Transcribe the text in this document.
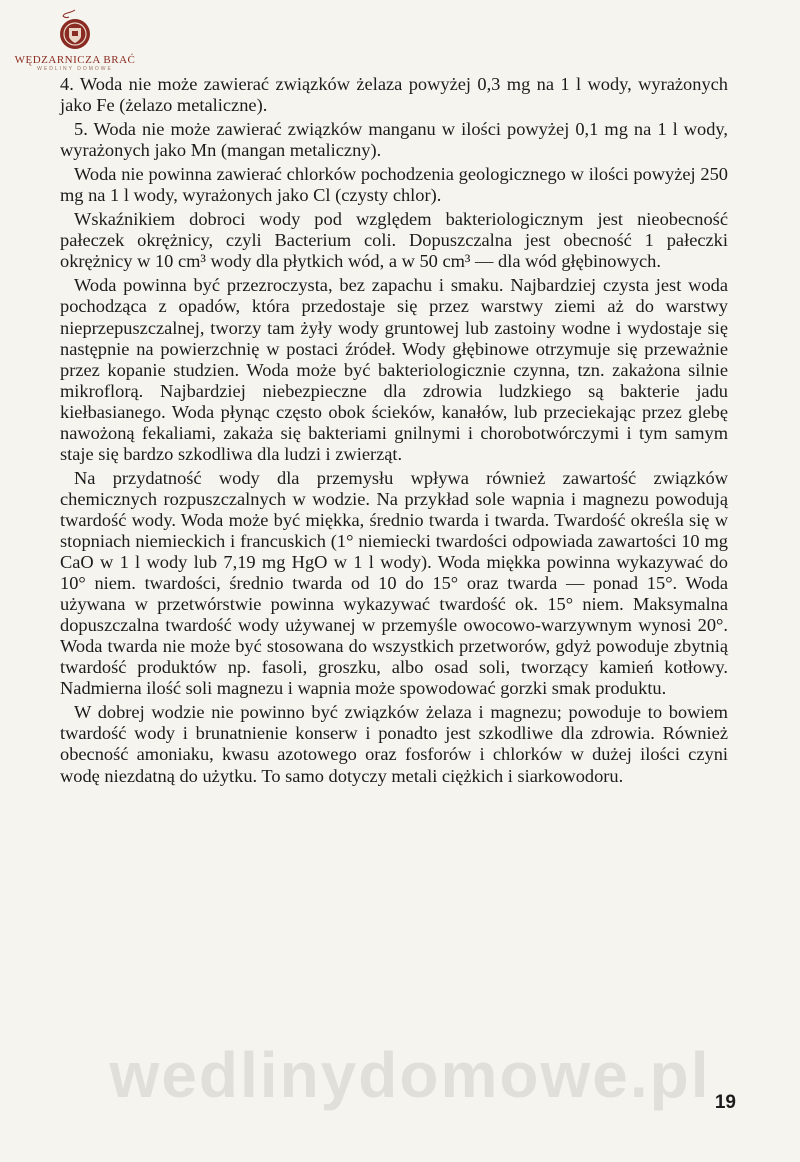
WĘDZARNICZA BRAĆ
WEDLINY DOMOWE

4. Woda nie może zawierać związków żelaza powyżej 0,3 mg na 1 l wody, wyrażonych jako Fe (żelazo metaliczne).

5. Woda nie może zawierać związków manganu w ilości powyżej 0,1 mg na 1 l wody, wyrażonych jako Mn (mangan metaliczny).

Woda nie powinna zawierać chlorków pochodzenia geologicznego w ilości powyżej 250 mg na 1 l wody, wyrażonych jako Cl (czysty chlor).

Wskaźnikiem dobroci wody pod względem bakteriologicznym jest nieobecność pałeczek okrężnicy, czyli Bacterium coli. Dopuszczalna jest obecność 1 pałeczki okrężnicy w 10 cm³ wody dla płytkich wód, a w 50 cm³ — dla wód głębinowych.

Woda powinna być przezroczysta, bez zapachu i smaku. Najbardziej czysta jest woda pochodząca z opadów, która przedostaje się przez warstwy ziemi aż do warstwy nieprzepuszczalnej, tworzy tam żyły wody gruntowej lub zastoiny wodne i wydostaje się następnie na powierzchnię w postaci źródeł. Wody głębinowe otrzymuje się przeważnie przez kopanie studzien. Woda może być bakteriologicznie czynna, tzn. zakażona silnie mikroflorą. Najbardziej niebezpieczne dla zdrowia ludzkiego są bakterie jadu kiełbasianego. Woda płynąc często obok ścieków, kanałów, lub przeciekając przez glebę nawożoną fekaliami, zakaża się bakteriami gnilnymi i chorobotwórczymi i tym samym staje się bardzo szkodliwa dla ludzi i zwierząt.

Na przydatność wody dla przemysłu wpływa również zawartość związków chemicznych rozpuszczalnych w wodzie. Na przykład sole wapnia i magnezu powodują twardość wody. Woda może być miękka, średnio twarda i twarda. Twardość określa się w stopniach niemieckich i francuskich (1° niemiecki twardości odpowiada zawartości 10 mg CaO w 1 l wody lub 7,19 mg HgO w 1 l wody). Woda miękka powinna wykazywać do 10° niem. twardości, średnio twarda od 10 do 15° oraz twarda — ponad 15°. Woda używana w przetwórstwie powinna wykazywać twardość ok. 15° niem. Maksymalna dopuszczalna twardość wody używanej w przemyśle owocowo-warzywnym wynosi 20°. Woda twarda nie może być stosowana do wszystkich przetworów, gdyż powoduje zbytnią twardość produktów np. fasoli, groszku, albo osad soli, tworzący kamień kotłowy. Nadmierna ilość soli magnezu i wapnia może spowodować gorzki smak produktu.

W dobrej wodzie nie powinno być związków żelaza i magnezu; powoduje to bowiem twardość wody i brunatnienie konserw i ponadto jest szkodliwe dla zdrowia. Również obecność amoniaku, kwasu azotowego oraz fosforów i chlorków w dużej ilości czyni wodę niezdatną do użytku. To samo dotyczy metali ciężkich i siarkowodoru.

wedlinydomowe.pl 19
